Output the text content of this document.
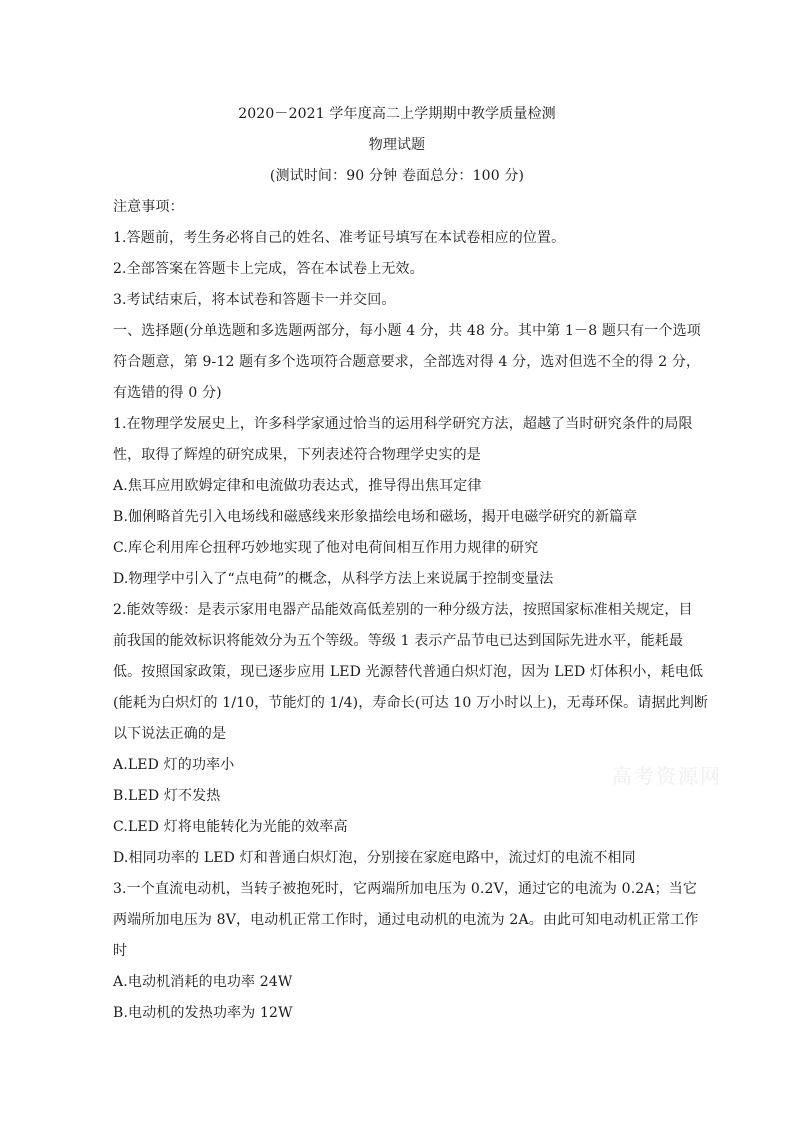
2020－2021 学年度高二上学期期中教学质量检测
物理试题
(测试时间：90 分钟 卷面总分：100 分)
注意事项：
1.答题前，考生务必将自己的姓名、准考证号填写在本试卷相应的位置。
2.全部答案在答题卡上完成，答在本试卷上无效。
3.考试结束后，将本试卷和答题卡一并交回。
一、选择题(分单选题和多选题两部分，每小题 4 分，共 48 分。其中第 1－8 题只有一个选项
符合题意，第 9-12 题有多个选项符合题意要求，全部选对得 4 分，选对但选不全的得 2 分，
有选错的得 0 分)
1.在物理学发展史上，许多科学家通过恰当的运用科学研究方法，超越了当时研究条件的局限
性，取得了辉煌的研究成果，下列表述符合物理学史实的是
A.焦耳应用欧姆定律和电流做功表达式，推导得出焦耳定律
B.伽俐略首先引入电场线和磁感线来形象描绘电场和磁场，揭开电磁学研究的新篇章
C.库仑利用库仑扭秤巧妙地实现了他对电荷间相互作用力规律的研究
D.物理学中引入了“点电荷”的概念，从科学方法上来说属于控制变量法
2.能效等级：是表示家用电器产品能效高低差别的一种分级方法，按照国家标准相关规定，目
前我国的能效标识将能效分为五个等级。等级 1 表示产品节电已达到国际先进水平，能耗最
低。按照国家政策，现已逐步应用 LED 光源替代普通白炽灯泡，因为 LED 灯体积小，耗电低
(能耗为白炽灯的 1/10，节能灯的 1/4)，寿命长(可达 10 万小时以上)，无毒环保。请据此判断
以下说法正确的是
A.LED 灯的功率小
B.LED 灯不发热
C.LED 灯将电能转化为光能的效率高
D.相同功率的 LED 灯和普通白炽灯泡，分别接在家庭电路中，流过灯的电流不相同
3.一个直流电动机，当转子被抱死时，它两端所加电压为 0.2V，通过它的电流为 0.2A；当它
两端所加电压为 8V，电动机正常工作时，通过电动机的电流为 2A。由此可知电动机正常工作
时
A.电动机消耗的电功率 24W
B.电动机的发热功率为 12W
高考资源网
